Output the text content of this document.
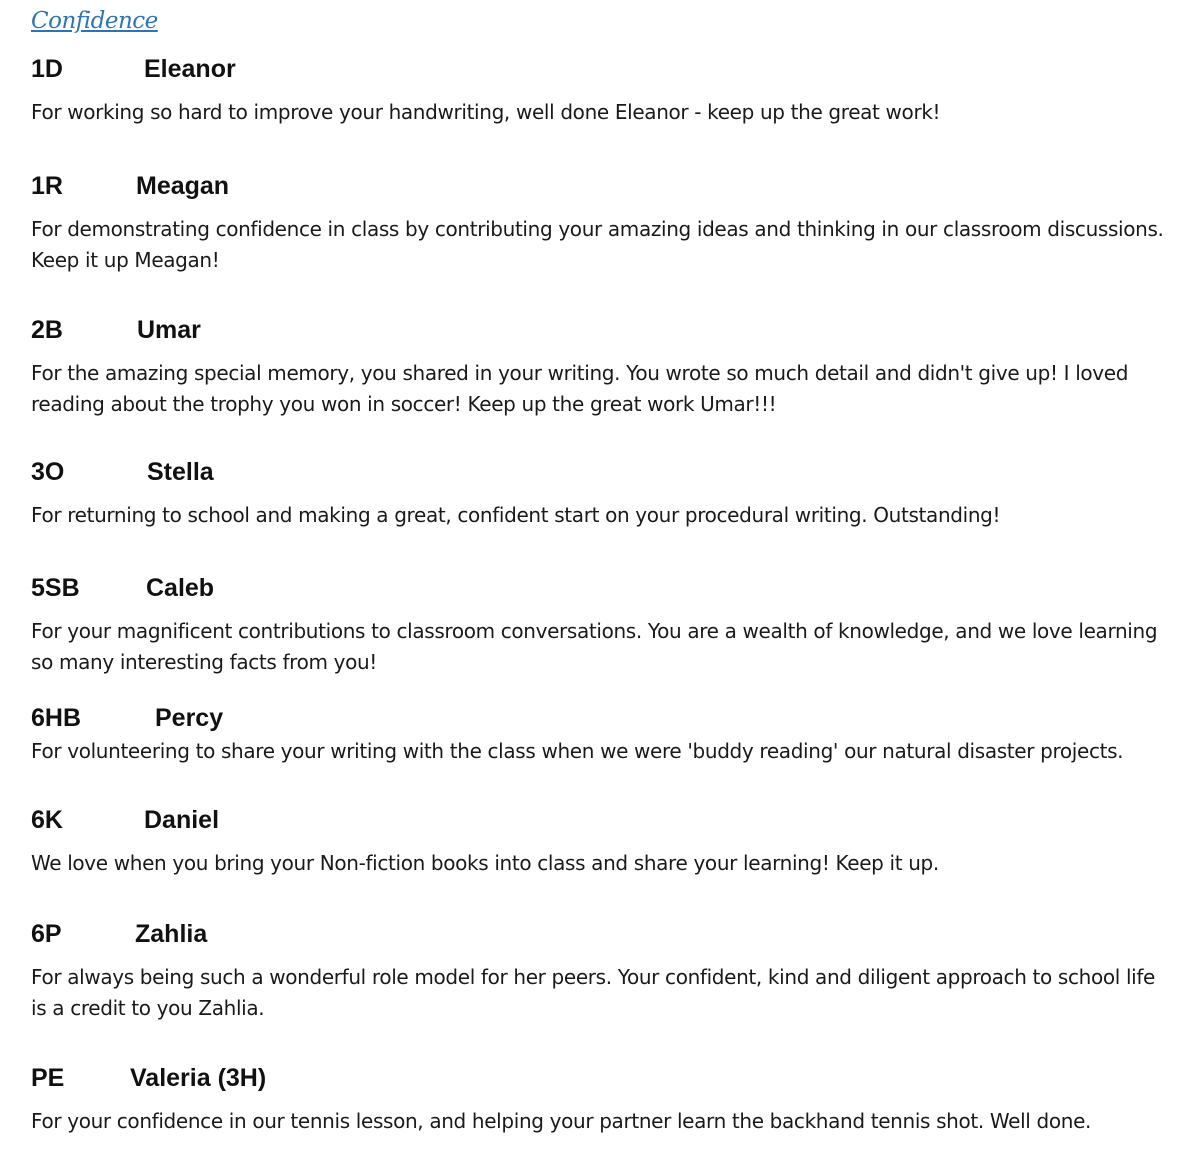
Confidence
1D	Eleanor
For working so hard to improve your handwriting, well done Eleanor - keep up the great work!
1R	Meagan
For demonstrating confidence in class by contributing your amazing ideas and thinking in our classroom discussions. Keep it up Meagan!
2B	Umar
For the amazing special memory, you shared in your writing. You wrote so much detail and didn't give up! I loved reading about the trophy you won in soccer! Keep up the great work Umar!!!
3O	Stella
For returning to school and making a great, confident start on your procedural writing. Outstanding!
5SB	Caleb
For your magnificent contributions to classroom conversations. You are a wealth of knowledge, and we love learning so many interesting facts from you!
6HB	Percy
For volunteering to share your writing with the class when we were 'buddy reading' our natural disaster projects.
6K	Daniel
We love when you bring your Non-fiction books into class and share your learning! Keep it up.
6P	Zahlia
For always being such a wonderful role model for her peers. Your confident, kind and diligent approach to school life is a credit to you Zahlia.
PE	Valeria (3H)
For your confidence in our tennis lesson, and helping your partner learn the backhand tennis shot. Well done.
